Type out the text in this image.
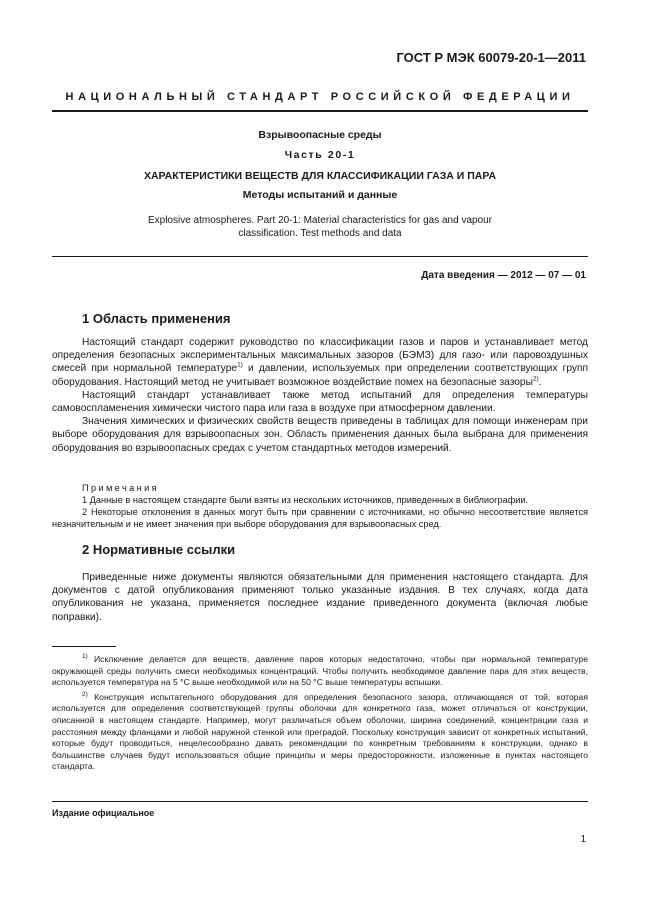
ГОСТ Р МЭК 60079-20-1—2011
НАЦИОНАЛЬНЫЙ СТАНДАРТ РОССИЙСКОЙ ФЕДЕРАЦИИ
Взрывоопасные среды
Часть 20-1
ХАРАКТЕРИСТИКИ ВЕЩЕСТВ ДЛЯ КЛАССИФИКАЦИИ ГАЗА И ПАРА
Методы испытаний и данные
Explosive atmospheres. Part 20-1: Material characteristics for gas and vapour classification. Test methods and data
Дата введения — 2012 — 07 — 01
1 Область применения

Настоящий стандарт содержит руководство по классификации газов и паров и устанавливает метод определения безопасных экспериментальных максимальных зазоров (БЭМЗ) для газо- или паровоздушных смесей при нормальной температуре$^{1)}$ и давлении, используемых при определении соответствующих групп оборудования. Настоящий метод не учитывает возможное воздействие помех на безопасные зазоры$^{2)}$.

Настоящий стандарт устанавливает также метод испытаний для определения температуры самовоспламенения химически чистого пара или газа в воздухе при атмосферном давлении.

Значения химических и физических свойств веществ приведены в таблицах для помощи инженерам при выборе оборудования для взрывоопасных зон. Область применения данных была выбрана для применения оборудования во взрывоопасных средах с учетом стандартных методов измерений.

Примечания

1 Данные в настоящем стандарте были взяты из нескольких источников, приведенных в библиографии.

2 Некоторые отклонения в данных могут быть при сравнении с источниками, но обычно несоответствие является незначительным и не имеет значения при выборе оборудования для взрывоопасных сред.

2 Нормативные ссылки

Приведенные ниже документы являются обязательными для применения настоящего стандарта. Для документов с датой опубликования применяют только указанные издания. В тех случаях, когда дата опубликования не указана, применяется последнее издание приведенного документа (включая любые поправки).

$^{1)}$ Исключение делается для веществ, давление паров которых недостаточно, чтобы при нормальной температуре окружающей среды получить смеси необходимых концентраций. Чтобы получить необходимое давление пара для этих веществ, используется температура на 5 °C выше необходимой или на 50 °C выше температуры вспышки.

$^{2)}$ Конструкция испытательного оборудования для определения безопасного зазора, отличающаяся от той, которая используется для определения соответствующей группы оболочки для конкретного газа, может отличаться от конструкции, описанной в настоящем стандарте. Например, могут различаться объем оболочки, ширина соединений, концентрации газа и расстояния между фланцами и любой наружной стенкой или преградой. Поскольку конструкция зависит от конкретных испытаний, которые будут проводиться, нецелесообразно давать рекомендации по конкретным требованиям к конструкции, однако в большинстве случаев будут использоваться общие принципы и меры предосторожности, изложенные в пунктах настоящего стандарта.

Издание официальное
1
